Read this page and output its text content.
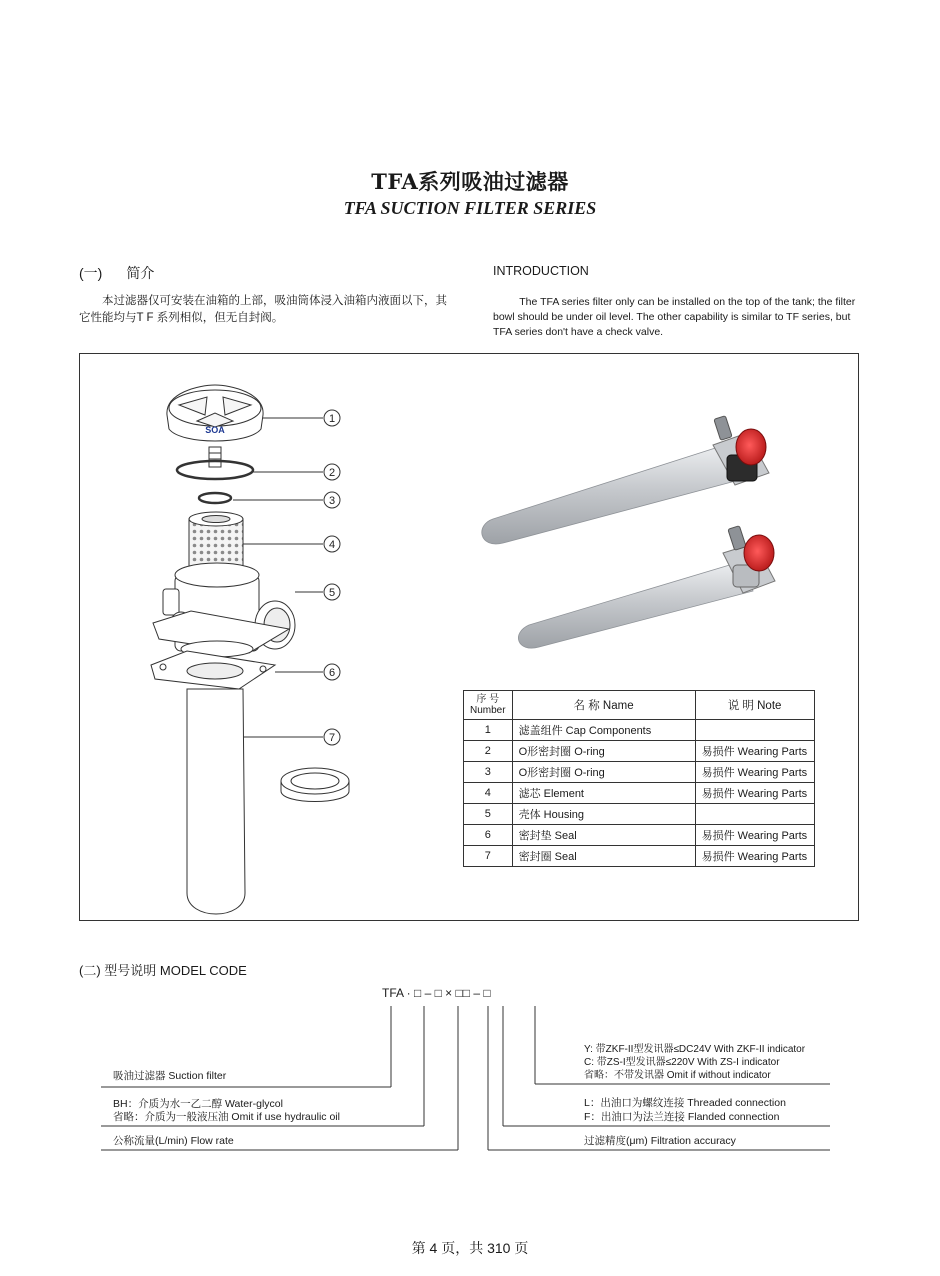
TFA系列吸油过滤器
TFA SUCTION FILTER SERIES
(一) 简介
本过滤器仅可安装在油箱的上部，吸油筒体浸入油箱内液面以下，其它性能均与T F 系列相似，但无自封阀。
INTRODUCTION
The TFA series filter only can be installed on the top of the tank; the filter bowl should be under oil level. The other capability is similar to TF series, but TFA series don't have a check valve.
SOA
1
2
3
4
5
6
7
序 号
Number	名 称 Name	说 明 Note
1	滤盖组件 Cap Components	
2	O形密封圈 O-ring	易损件 Wearing Parts
3	O形密封圈 O-ring	易损件 Wearing Parts
4	滤芯 Element	易损件 Wearing Parts
5	壳体 Housing	
6	密封垫 Seal	易损件 Wearing Parts
7	密封圈 Seal	易损件 Wearing Parts
(二) 型号说明 MODEL CODE
TFA · □ – □ × □□ – □
吸油过滤器 Suction filter
BH：介质为水一乙二醇 Water-glycol
省略：介质为一般液压油 Omit if use hydraulic oil
公称流量(L/min) Flow rate
Y: 带ZKF-II型发讯器≤DC24V With ZKF-II indicator
C: 带ZS-I型发讯器≤220V With ZS-I indicator
省略：不带发讯器 Omit if without indicator
L：出油口为螺纹连接 Threaded connection
F：出油口为法兰连接 Flanded connection
过滤精度(μm) Filtration accuracy
第 4 页，共 310 页
